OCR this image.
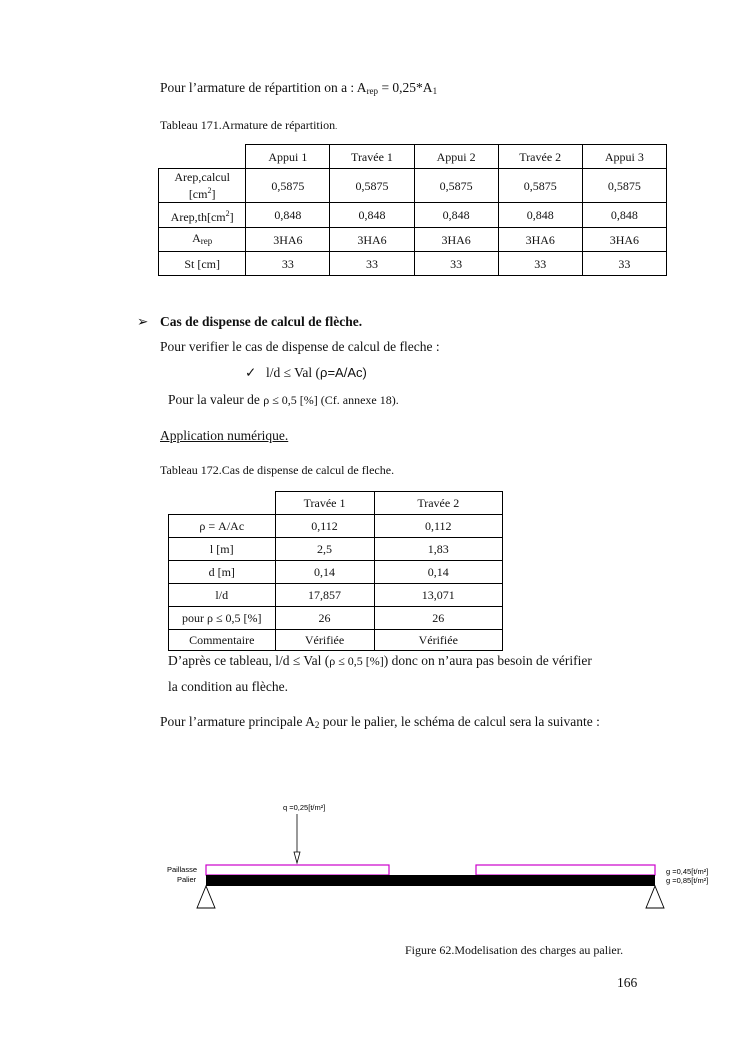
Pour l’armature de répartition on a : $A_{rep} = 0,25*A_1$
Tableau 171.Armature de répartition.
	Appui 1	Travée 1	Appui 2	Travée 2	Appui 3
Arep,calcul
$[cm^2]$	0,5875	0,5875	0,5875	0,5875	0,5875
$Arep,th[cm^2]$	0,848	0,848	0,848	0,848	0,848
$A_{rep}$	3HA6	3HA6	3HA6	3HA6	3HA6
St [cm]	33	33	33	33	33
➢ Cas de dispense de calcul de flèche.
Pour verifier le cas de dispense de calcul de fleche :
✓ l/d ≤ Val (ρ=A/Ac)
Pour la valeur de ρ ≤ 0,5 [%] (Cf. annexe 18).
Application numérique.
Tableau 172.Cas de dispense de calcul de fleche.
	Travée 1	Travée 2
ρ = A/Ac	0,112	0,112
l [m]	2,5	1,83
d [m]	0,14	0,14
l/d	17,857	13,071
pour ρ ≤ 0,5 [%]	26	26
Commentaire	Vérifiée	Vérifiée
D’après ce tableau, l/d ≤ Val (ρ ≤ 0,5 [%]) donc on n’aura pas besoin de vérifier
la condition au flèche.
Pour l’armature principale $A_2$ pour le palier, le schéma de calcul sera la suivante :
q =0,25[t/m²]
Paillasse
Palier
g =0,45[t/m²]
g =0,85[t/m²]
Figure 62.Modelisation des charges au palier.
166
